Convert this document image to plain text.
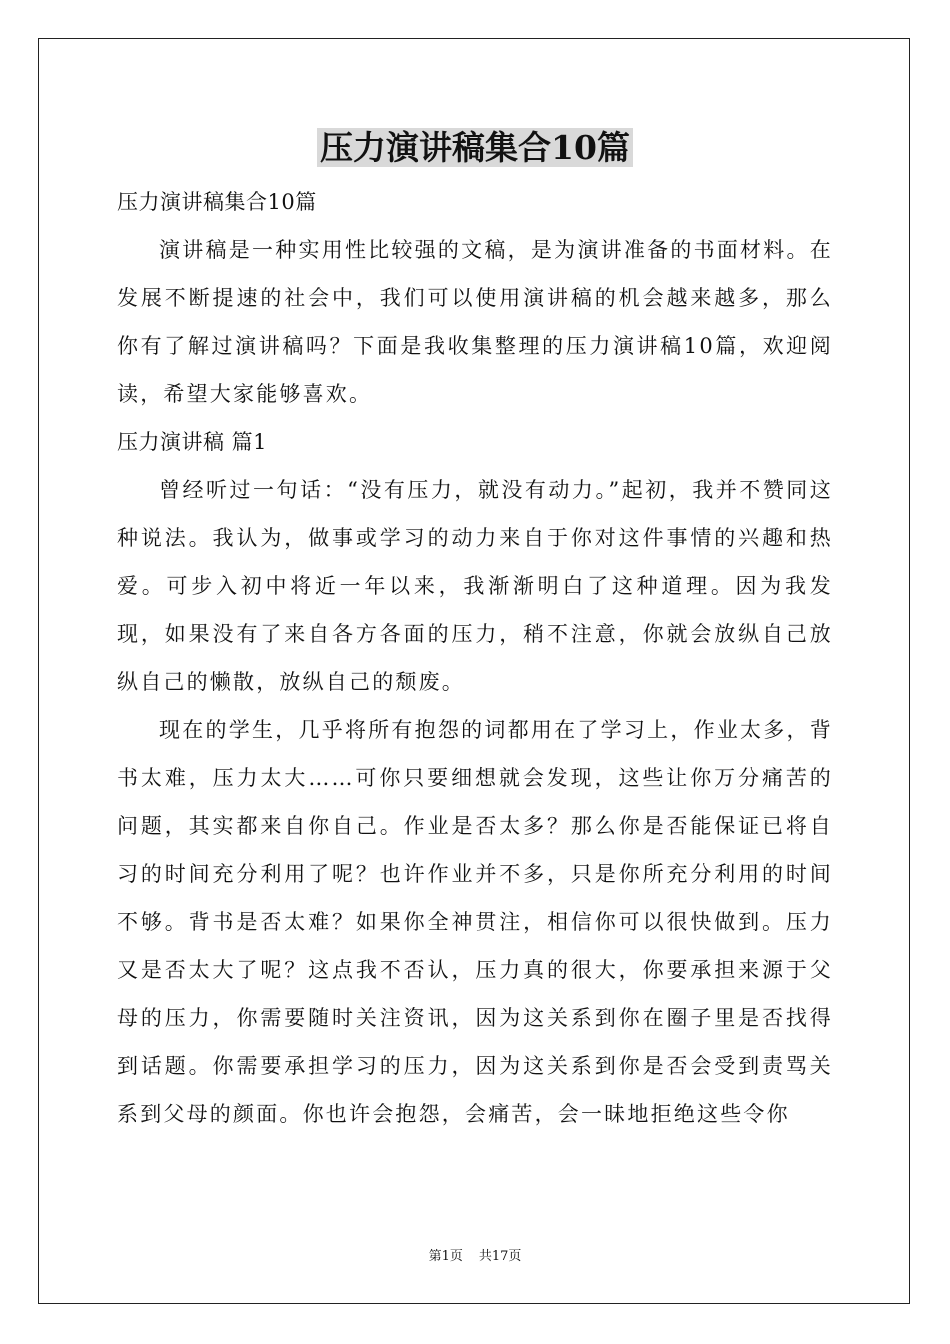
压力演讲稿集合10篇

压力演讲稿集合10篇

演讲稿是一种实用性比较强的文稿，是为演讲准备的书面材料。在发展不断提速的社会中，我们可以使用演讲稿的机会越来越多，那么你有了解过演讲稿吗？下面是我收集整理的压力演讲稿10篇，欢迎阅读，希望大家能够喜欢。

压力演讲稿 篇1

曾经听过一句话：“没有压力，就没有动力。”起初，我并不赞同这种说法。我认为，做事或学习的动力来自于你对这件事情的兴趣和热爱。可步入初中将近一年以来，我渐渐明白了这种道理。因为我发现，如果没有了来自各方各面的压力，稍不注意，你就会放纵自己放纵自己的懒散，放纵自己的颓废。

现在的学生，几乎将所有抱怨的词都用在了学习上，作业太多，背书太难，压力太大……可你只要细想就会发现，这些让你万分痛苦的问题，其实都来自你自己。作业是否太多？那么你是否能保证已将自习的时间充分利用了呢？也许作业并不多，只是你所充分利用的时间不够。背书是否太难？如果你全神贯注，相信你可以很快做到。压力又是否太大了呢？这点我不否认，压力真的很大，你要承担来源于父母的压力，你需要随时关注资讯，因为这关系到你在圈子里是否找得到话题。你需要承担学习的压力，因为这关系到你是否会受到责骂关系到父母的颜面。你也许会抱怨，会痛苦，会一昧地拒绝这些令你

第1页 共17页
